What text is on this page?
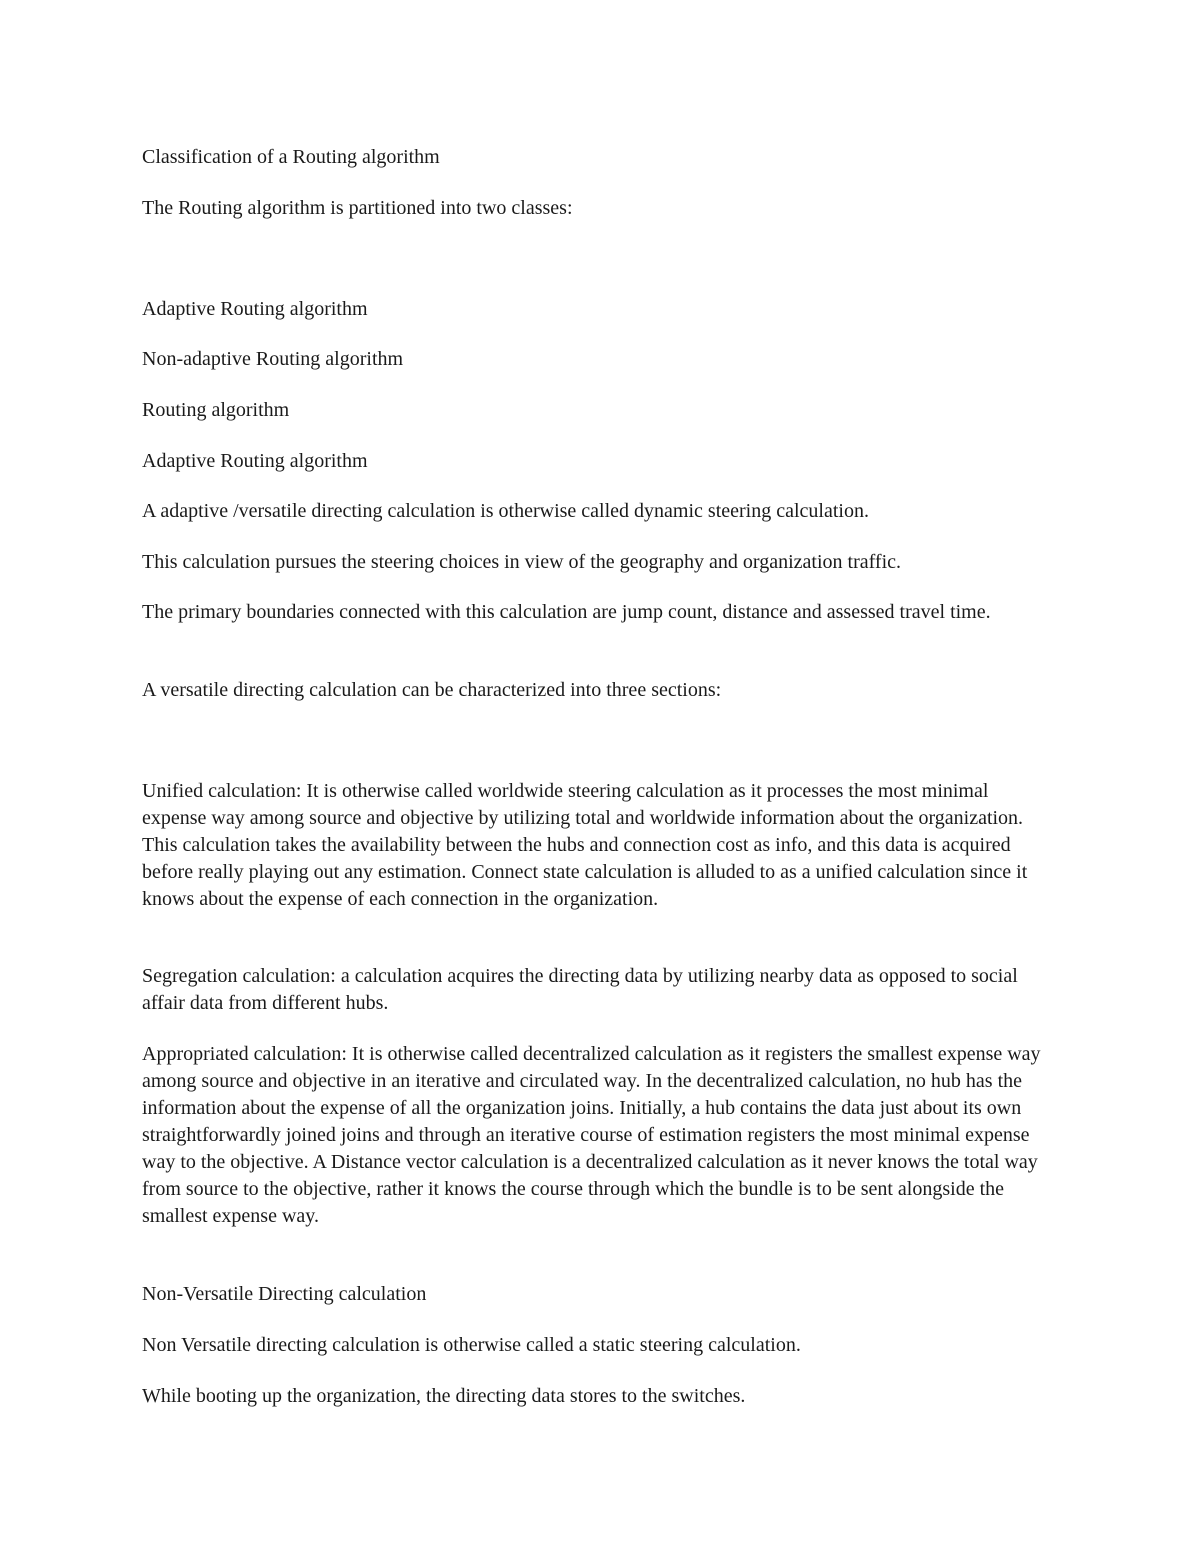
Classification of a Routing algorithm

The Routing algorithm is partitioned into two classes:

Adaptive Routing algorithm

Non-adaptive Routing algorithm

Routing algorithm

Adaptive Routing algorithm

A adaptive /versatile directing calculation is otherwise called dynamic steering calculation.

This calculation pursues the steering choices in view of the geography and organization traffic.

The primary boundaries connected with this calculation are jump count, distance and assessed travel time.

A versatile directing calculation can be characterized into three sections:

Unified calculation: It is otherwise called worldwide steering calculation as it processes the most minimal expense way among source and objective by utilizing total and worldwide information about the organization. This calculation takes the availability between the hubs and connection cost as info, and this data is acquired before really playing out any estimation. Connect state calculation is alluded to as a unified calculation since it knows about the expense of each connection in the organization.

Segregation calculation: a calculation acquires the directing data by utilizing nearby data as opposed to social affair data from different hubs.

Appropriated calculation: It is otherwise called decentralized calculation as it registers the smallest expense way among source and objective in an iterative and circulated way. In the decentralized calculation, no hub has the information about the expense of all the organization joins. Initially, a hub contains the data just about its own straightforwardly joined joins and through an iterative course of estimation registers the most minimal expense way to the objective. A Distance vector calculation is a decentralized calculation as it never knows the total way from source to the objective, rather it knows the course through which the bundle is to be sent alongside the smallest expense way.

Non-Versatile Directing calculation

Non Versatile directing calculation is otherwise called a static steering calculation.

While booting up the organization, the directing data stores to the switches.
